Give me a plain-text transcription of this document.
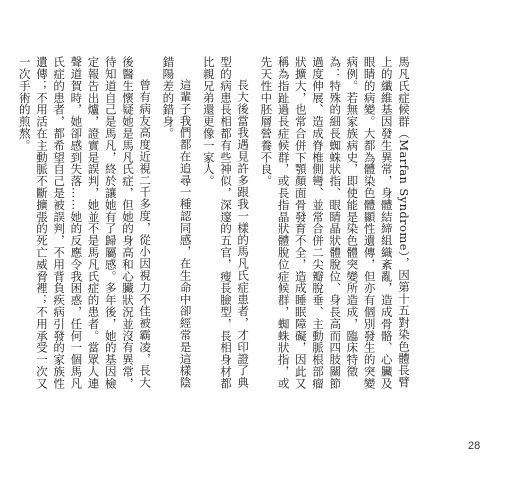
馬凡氏症候群（Marfan Syndrome），因第十五對染色體長臂上的纖維基因發生異常，身體結締組織紊亂，造成骨骼、心臟及眼睛的病變。大都為體染色體顯性遺傳，但亦有個別發生的突變病例。若無家族病史，即使能是染色體突變所造成，臨床特徵為：特殊的細長蜘蛛狀指、眼睛晶狀體脫位、身長高而四肢關節過度伸展、造成脊椎側彎、並常合併二尖瓣脫垂、主動脈根部瘤狀擴大，也常合併下顎顏面骨發育不全，造成睡眠障礙，因此又稱為指趾過長症候群，或長指晶狀體脫位症候群，蜘蛛狀指，或先天性中胚層營養不良。

長大後當我遇見許多跟我一樣的馬凡氏症患者，才印證了典型的病患長相都有些神似，深邃的五官，瘦長臉型，長相身材都比親兄弟還更像一家人。

這輩子我們都在追尋一種認同感，在生命中卻經常是這樣陰錯陽差的錯身。

曾有病友高度近視二千多度，從小因視力不佳被霸凌，長大後醫生懷疑她是馬凡氏症，但她的身高和心臟狀況並沒有異常，待知道自己是馬凡，終於讓她有了歸屬感。多年後，她的基因檢定報告出爐，證實是誤判，她並不是馬凡氏症的患者。當眾人連聲道賀時，她卻感到失落……她的反應令我困惑，任何一個馬凡氏症的患者，都希望自己是被誤判，不用背負疾病引發的家族性遺傳；不用活在主動脈不斷擴張的死亡威脅裡；不用承受一次又一次手術的煎熬。

28
